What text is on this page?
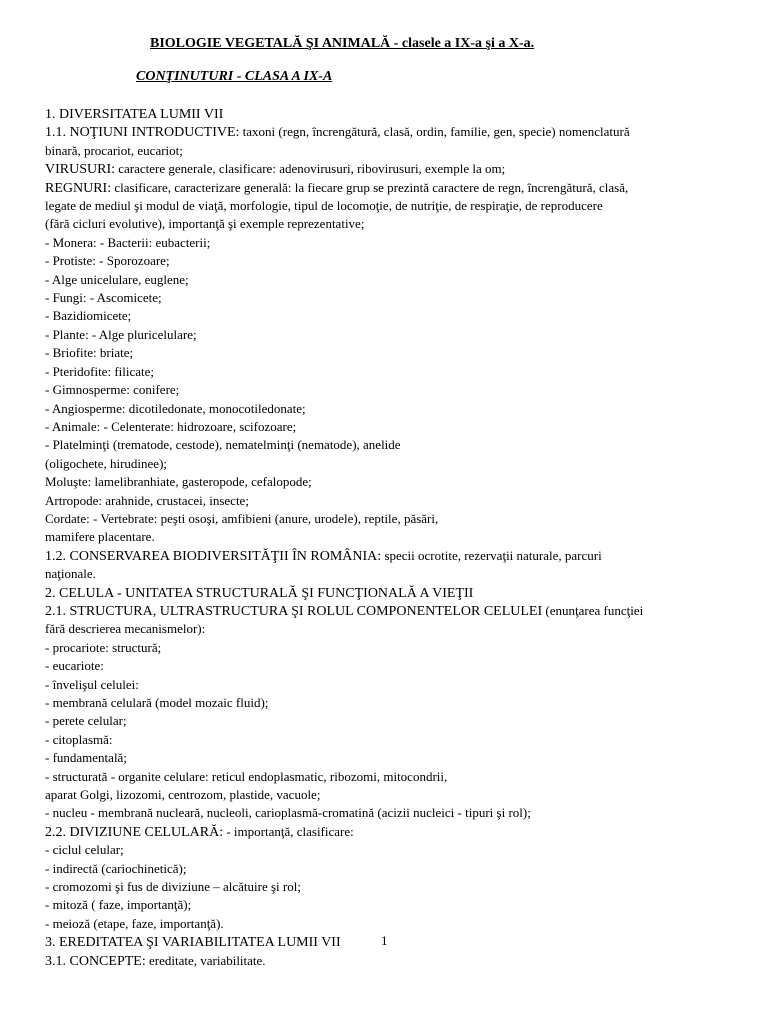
BIOLOGIE VEGETALĂ ŞI ANIMALĂ - clasele a IX-a şi a X-a.
CONŢINUTURI - CLASA A IX-A
1. DIVERSITATEA LUMII VII
1.1. NOŢIUNI INTRODUCTIVE: taxoni (regn, încrengătură, clasă, ordin, familie, gen, specie) nomenclatură
binară, procariot, eucariot;
VIRUSURI: caractere generale, clasificare: adenovirusuri, ribovirusuri, exemple la om;
REGNURI: clasificare, caracterizare generală: la fiecare grup se prezintă caractere de regn, încrengătură, clasă,
legate de mediul şi modul de viaţă, morfologie, tipul de locomoţie, de nutriţie, de respiraţie, de reproducere
(fără cicluri evolutive), importanţă şi exemple reprezentative;
- Monera: - Bacterii: eubacterii;
- Protiste: - Sporozoare;
- Alge unicelulare, euglene;
- Fungi: - Ascomicete;
- Bazidiomicete;
- Plante: - Alge pluricelulare;
- Briofite: briate;
- Pteridofite: filicate;
- Gimnosperme: conifere;
- Angiosperme: dicotiledonate, monocotiledonate;
- Animale: - Celenterate: hidrozoare, scifozoare;
- Platelminţi (trematode, cestode), nematelminţi (nematode), anelide
(oligochete, hirudinee);
Moluşte: lamelibranhiate, gasteropode, cefalopode;
Artropode: arahnide, crustacei, insecte;
Cordate: - Vertebrate: peşti osoşi, amfibieni (anure, urodele), reptile, păsări,
mamifere placentare.
1.2. CONSERVAREA BIODIVERSITĂŢII ÎN ROMÂNIA: specii ocrotite, rezervaţii naturale, parcuri
naţionale.
2. CELULA - UNITATEA STRUCTURALĂ ŞI FUNCŢIONALĂ A VIEŢII
2.1. STRUCTURA, ULTRASTRUCTURA ŞI ROLUL COMPONENTELOR CELULEI (enunţarea funcţiei
fără descrierea mecanismelor):
- procariote: structură;
- eucariote:
- învelişul celulei:
- membrană celulară (model mozaic fluid);
- perete celular;
- citoplasmă:
- fundamentală;
- structurată - organite celulare: reticul endoplasmatic, ribozomi, mitocondrii,
aparat Golgi, lizozomi, centrozom, plastide, vacuole;
- nucleu - membrană nucleară, nucleoli, carioplasmă-cromatină (acizii nucleici - tipuri şi rol);
2.2. DIVIZIUNE CELULARĂ: - importanţă, clasificare:
- ciclul celular;
- indirectă (cariochinetică);
- cromozomi şi fus de diviziune – alcătuire şi rol;
- mitoză ( faze, importanţă);
- meioză (etape, faze, importanţă).
3. EREDITATEA ŞI VARIABILITATEA LUMII VII
3.1. CONCEPTE: ereditate, variabilitate.
1
